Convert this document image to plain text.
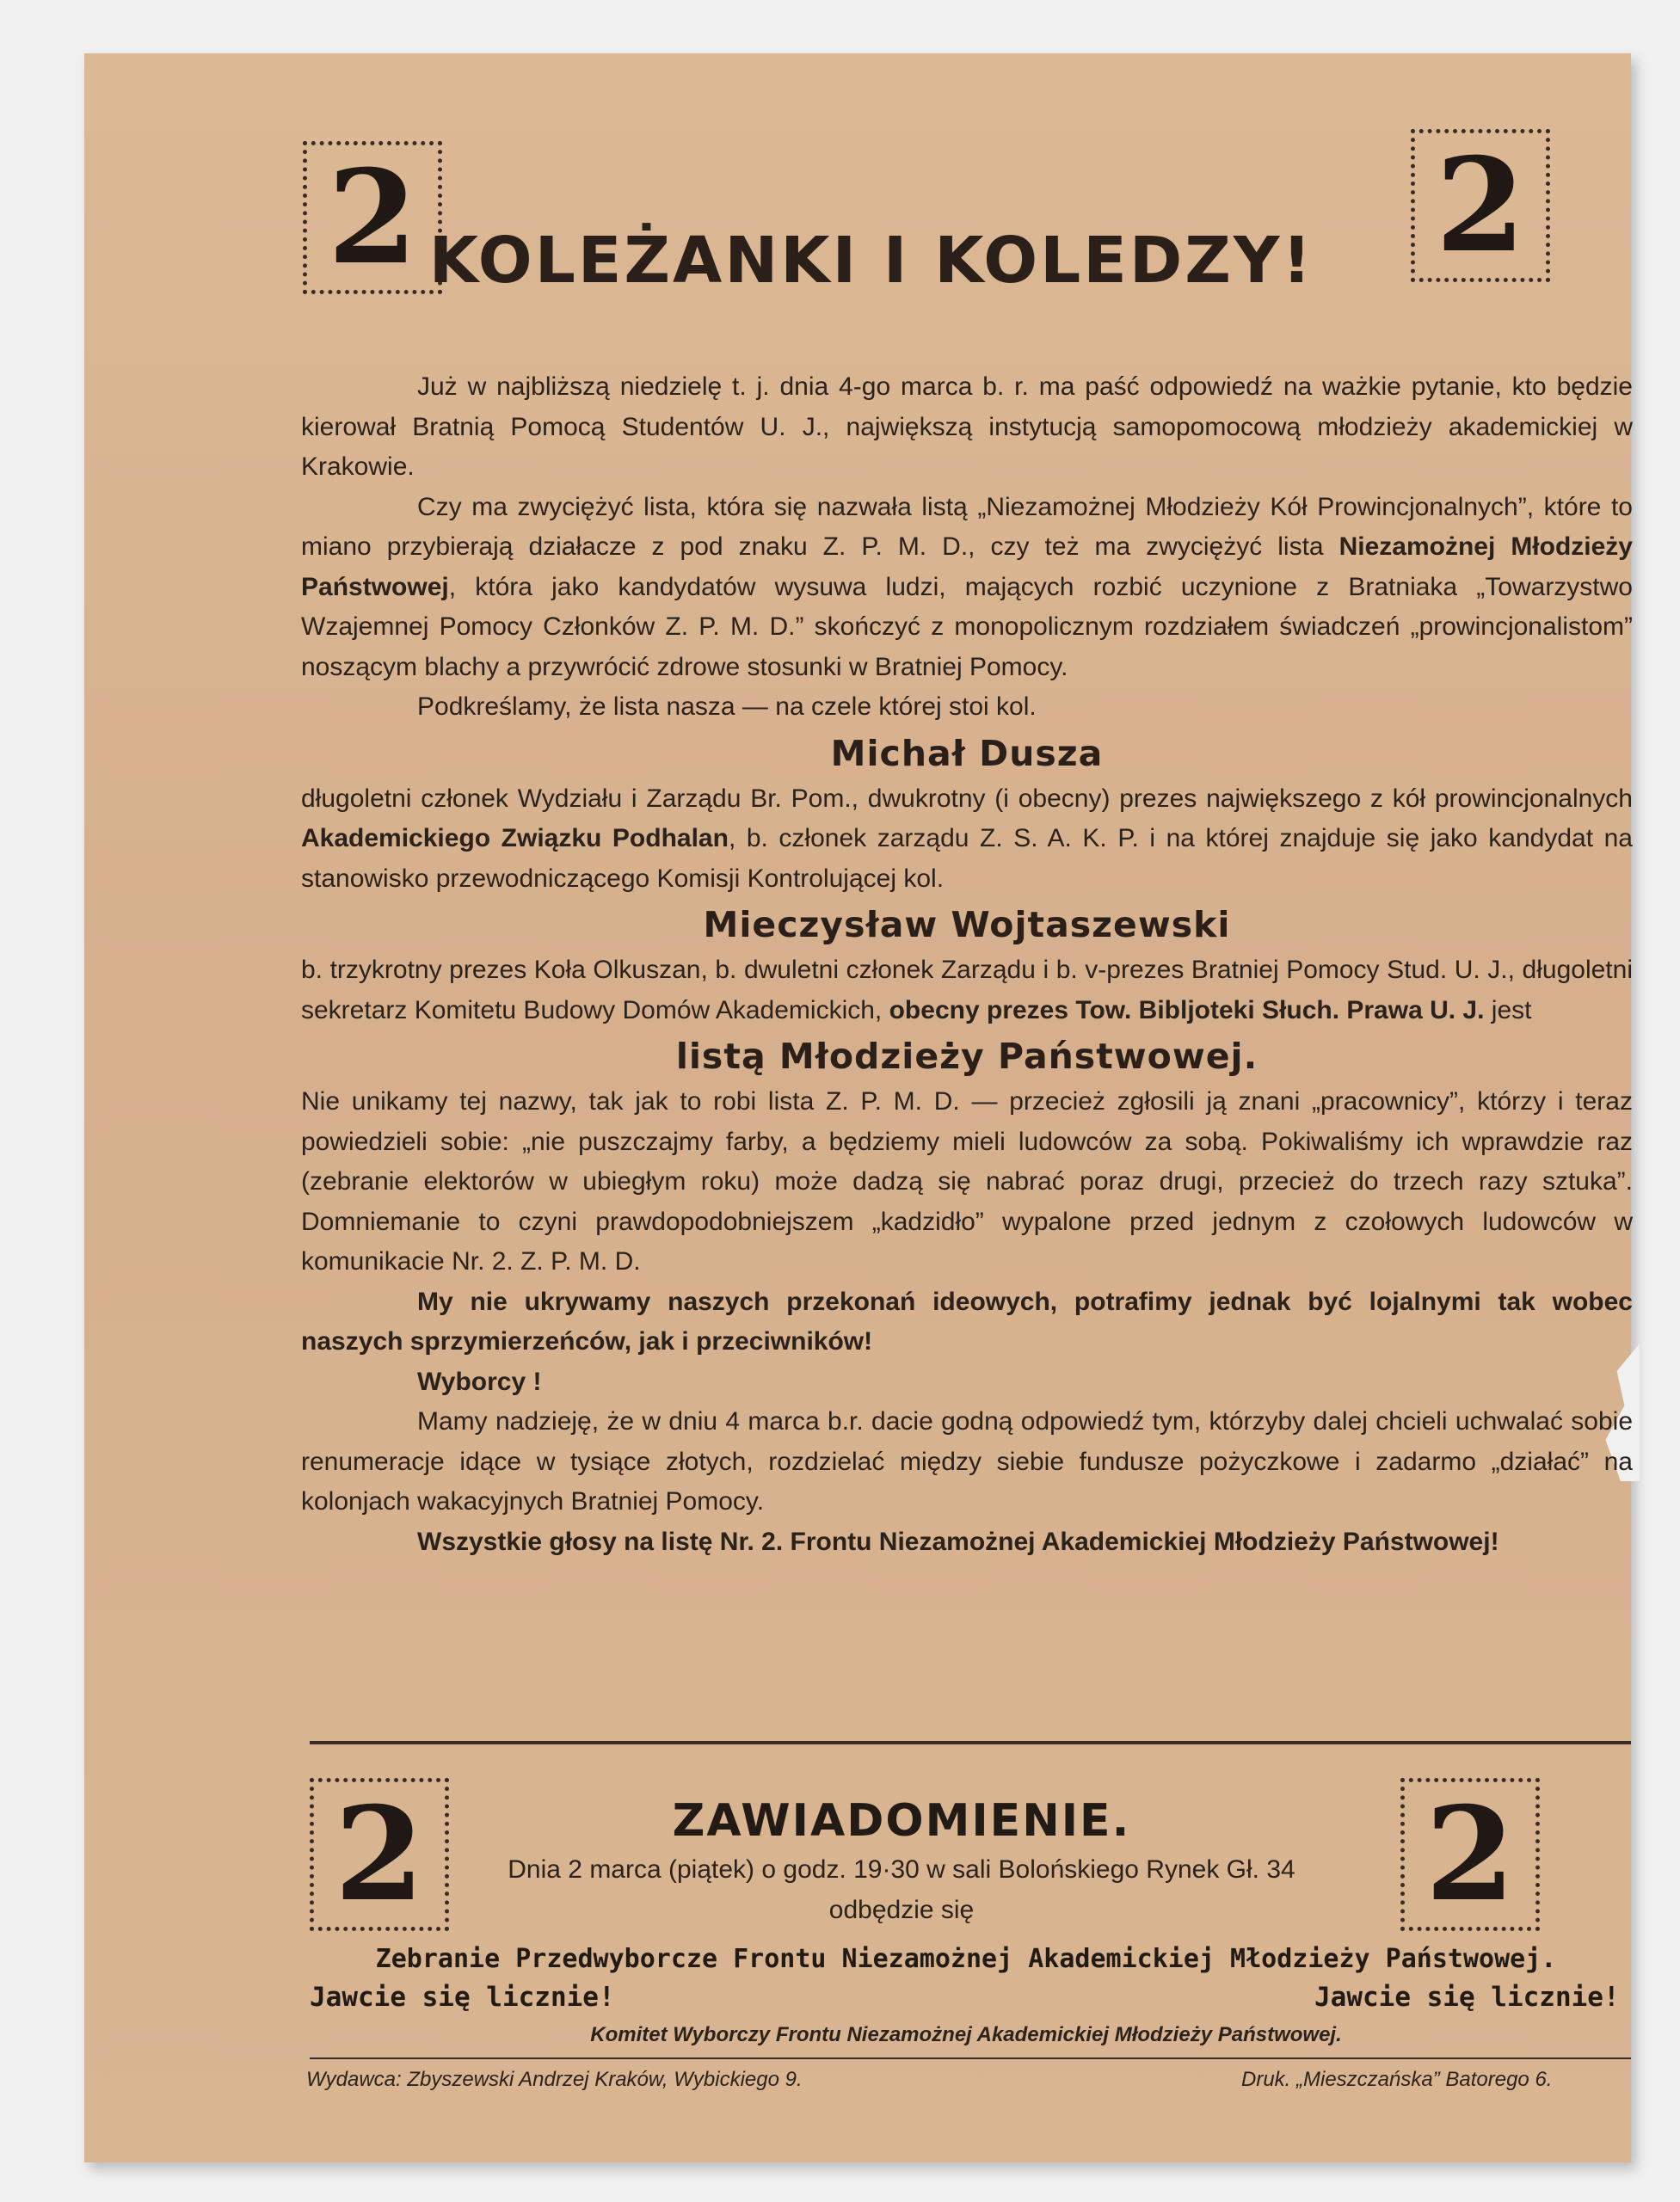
2	2
KOLEŻANKI I KOLEDZY!

Już w najbliższą niedzielę t. j. dnia 4-go marca b. r. ma paść odpowiedź na ważkie pytanie, kto będzie kierował Bratnią Pomocą Studentów U. J., największą instytucją samopomocową młodzieży akademickiej w Krakowie.

Czy ma zwyciężyć lista, która się nazwała listą „Niezamożnej Młodzieży Kół Prowincjonalnych”, które to miano przybierają działacze z pod znaku Z. P. M. D., czy też ma zwyciężyć lista Niezamożnej Młodzieży Państwowej, która jako kandydatów wysuwa ludzi, mających rozbić uczynione z Bratniaka „Towarzystwo Wzajemnej Pomocy Członków Z. P. M. D.” skończyć z monopolicznym rozdziałem świadczeń „prowincjonalistom” noszącym blachy a przywrócić zdrowe stosunki w Bratniej Pomocy.

Podkreślamy, że lista nasza — na czele której stoi kol.

Michał Dusza

długoletni członek Wydziału i Zarządu Br. Pom., dwukrotny (i obecny) prezes największego z kół prowincjonalnych Akademickiego Związku Podhalan, b. członek zarządu Z. S. A. K. P. i na której znajduje się jako kandydat na stanowisko przewodniczącego Komisji Kontrolującej kol.

Mieczysław Wojtaszewski

b. trzykrotny prezes Koła Olkuszan, b. dwuletni członek Zarządu i b. v-prezes Bratniej Pomocy Stud. U. J., długoletni sekretarz Komitetu Budowy Domów Akademickich, obecny prezes Tow. Bibljoteki Słuch. Prawa U. J. jest

listą Młodzieży Państwowej.

Nie unikamy tej nazwy, tak jak to robi lista Z. P. M. D. — przecież zgłosili ją znani „pracownicy”, którzy i teraz powiedzieli sobie: „nie puszczajmy farby, a będziemy mieli ludowców za sobą. Pokiwaliśmy ich wprawdzie raz (zebranie elektorów w ubiegłym roku) może dadzą się nabrać poraz drugi, przecież do trzech razy sztuka”. Domniemanie to czyni prawdopodobniejszem „kadzidło” wypalone przed jednym z czołowych ludowców w komunikacie Nr. 2. Z. P. M. D.

My nie ukrywamy naszych przekonań ideowych, potrafimy jednak być lojalnymi tak wobec naszych sprzymierzeńców, jak i przeciwników!

Wyborcy !

Mamy nadzieję, że w dniu 4 marca b.r. dacie godną odpowiedź tym, którzyby dalej chcieli uchwalać sobie renumeracje idące w tysiące złotych, rozdzielać między siebie fundusze pożyczkowe i zadarmo „działać” na kolonjach wakacyjnych Bratniej Pomocy.

Wszystkie głosy na listę Nr. 2. Frontu Niezamożnej Akademickiej Młodzieży Państwowej!

2	2
ZAWIADOMIENIE.
Dnia 2 marca (piątek) o godz. 19·30 w sali Bolońskiego Rynek Gł. 34
odbędzie się
Zebranie Przedwyborcze Frontu Niezamożnej Akademickiej Młodzieży Państwowej.
Jawcie się licznie!	Jawcie się licznie!
Komitet Wyborczy Frontu Niezamożnej Akademickiej Młodzieży Państwowej.
Wydawca: Zbyszewski Andrzej Kraków, Wybickiego 9.	Druk. „Mieszczańska” Batorego 6.
